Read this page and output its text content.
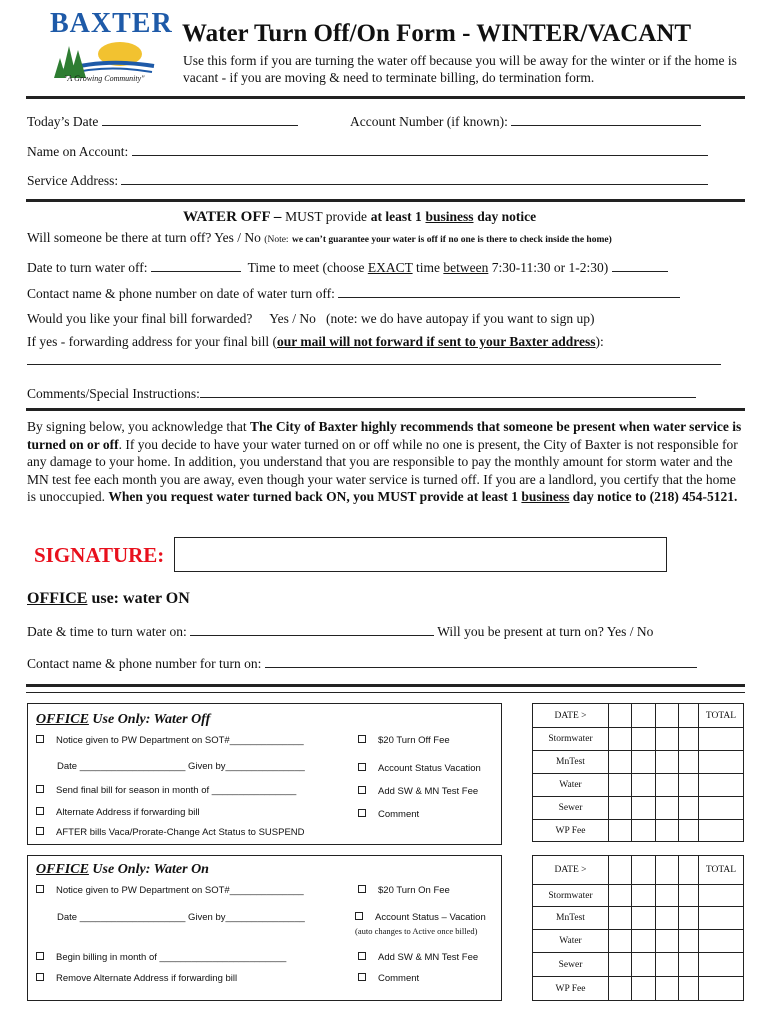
BAXTER
"A Growing Community"
Water Turn Off/On Form - WINTER/VACANT
Use this form if you are turning the water off because you will be away for the winter or if the home is vacant - if you are moving & need to terminate billing, do termination form.
Today’s Date	Account Number (if known):
Name on Account:
Service Address:
WATER OFF – MUST provide at least 1 business day notice
Will someone be there at turn off? Yes / No (Note: we can’t guarantee your water is off if no one is there to check inside the home)
Date to turn water off:	Time to meet (choose EXACT time between 7:30-11:30 or 1-2:30)
Contact name & phone number on date of water turn off:
Would you like your final bill forwarded? Yes / No (note: we do have autopay if you want to sign up)
If yes - forwarding address for your final bill (our mail will not forward if sent to your Baxter address):
Comments/Special Instructions:
By signing below, you acknowledge that The City of Baxter highly recommends that someone be present when water service is turned on or off. If you decide to have your water turned on or off while no one is present, the City of Baxter is not responsible for any damage to your home. In addition, you understand that you are responsible to pay the monthly amount for storm water and the MN test fee each month you are away, even though your water service is turned off. If you are a landlord, you certify that the home is unoccupied. When you request water turned back ON, you MUST provide at least 1 business day notice to (218) 454-5121.
SIGNATURE:
OFFICE use: water ON
Date & time to turn water on:	Will you be present at turn on? Yes / No
Contact name & phone number for turn on:
OFFICE Use Only: Water Off
Notice given to PW Department on SOT#______________
Date ____________________ Given by_______________
Send final bill for season in month of ________________
Alternate Address if forwarding bill
AFTER bills Vaca/Prorate-Change Act Status to SUSPEND
$20 Turn Off Fee
Account Status Vacation
Add SW & MN Test Fee
Comment
DATE >					TOTAL
Stormwater					
MnTest					
Water					
Sewer					
WP Fee					
OFFICE Use Only: Water On
Notice given to PW Department on SOT#______________
Date ____________________ Given by_______________
Begin billing in month of ________________________
Remove Alternate Address if forwarding bill
$20 Turn On Fee
Account Status – Vacation
(auto changes to Active once billed)
Add SW & MN Test Fee
Comment
DATE >					TOTAL
Stormwater					
MnTest					
Water					
Sewer					
WP Fee					
